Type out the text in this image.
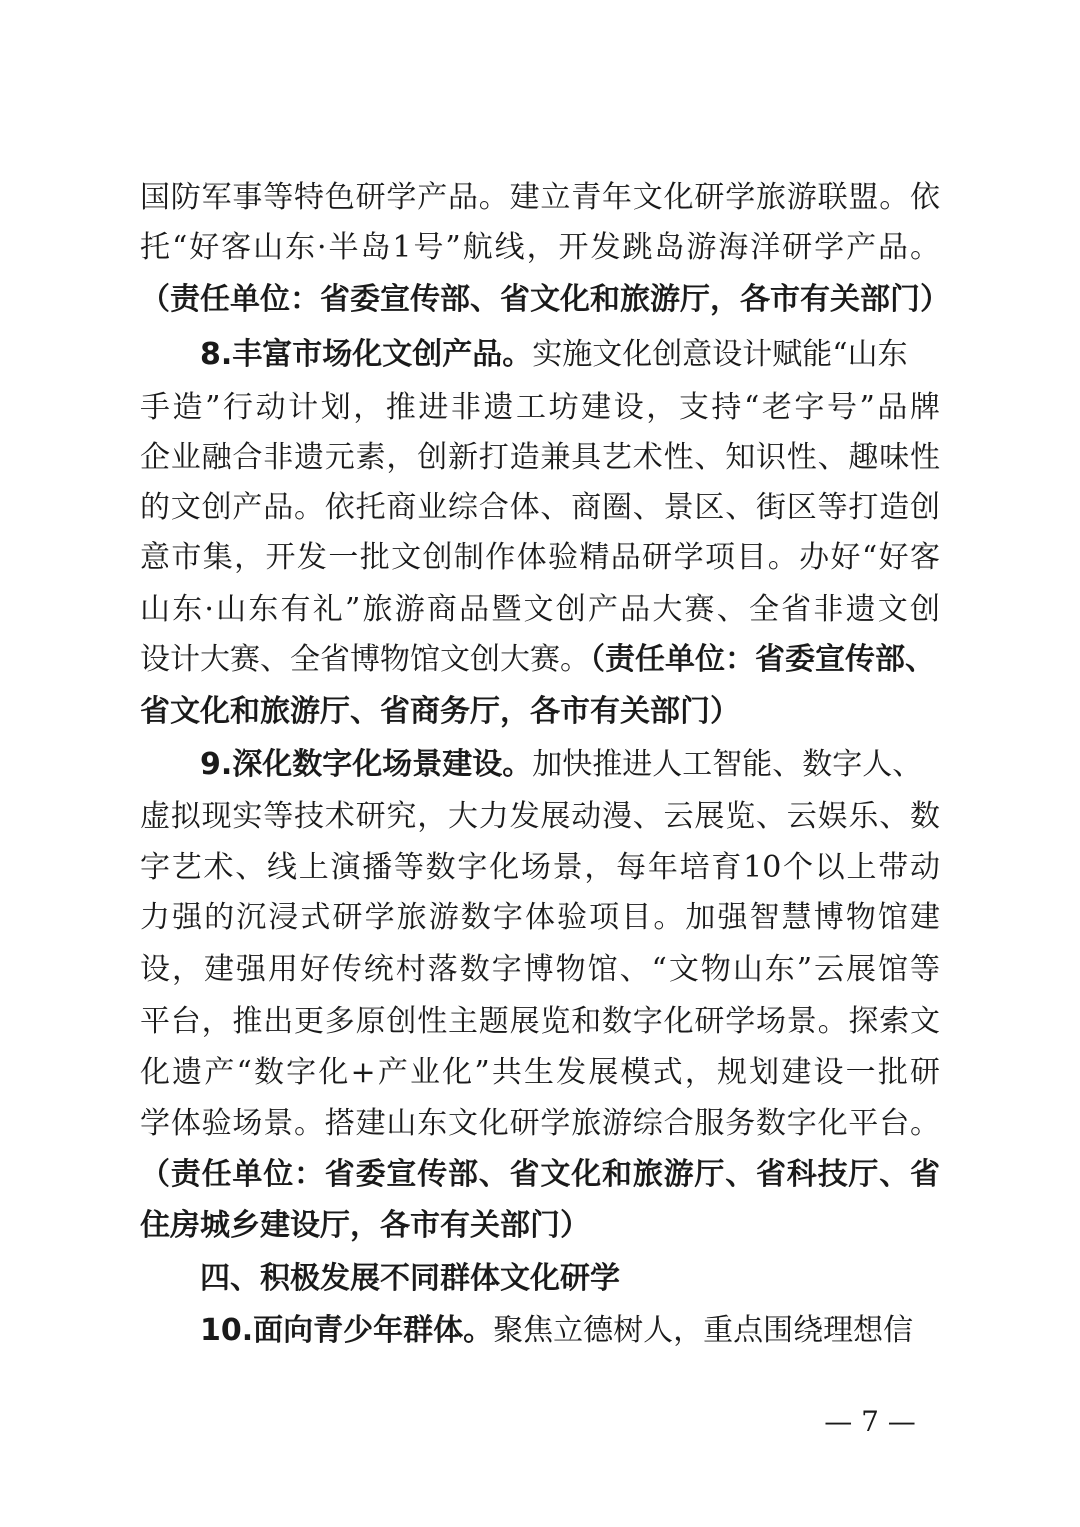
国防军事等特色研学产品。建立青年文化研学旅游联盟。依
托“好客山东·半岛1号”航线，开发跳岛游海洋研学产品。
（责任单位：省委宣传部、省文化和旅游厅，各市有关部门）
8.丰富市场化文创产品。实施文化创意设计赋能“山东
手造”行动计划，推进非遗工坊建设，支持“老字号”品牌
企业融合非遗元素，创新打造兼具艺术性、知识性、趣味性
的文创产品。依托商业综合体、商圈、景区、街区等打造创
意市集，开发一批文创制作体验精品研学项目。办好“好客
山东·山东有礼”旅游商品暨文创产品大赛、全省非遗文创
设计大赛、全省博物馆文创大赛。（责任单位：省委宣传部、
省文化和旅游厅、省商务厅，各市有关部门）
9.深化数字化场景建设。加快推进人工智能、数字人、
虚拟现实等技术研究，大力发展动漫、云展览、云娱乐、数
字艺术、线上演播等数字化场景，每年培育10个以上带动
力强的沉浸式研学旅游数字体验项目。加强智慧博物馆建
设，建强用好传统村落数字博物馆、“文物山东”云展馆等
平台，推出更多原创性主题展览和数字化研学场景。探索文
化遗产“数字化+产业化”共生发展模式，规划建设一批研
学体验场景。搭建山东文化研学旅游综合服务数字化平台。
（责任单位：省委宣传部、省文化和旅游厅、省科技厅、省
住房城乡建设厅，各市有关部门）
四、积极发展不同群体文化研学
10.面向青少年群体。聚焦立德树人，重点围绕理想信
— 7 —
